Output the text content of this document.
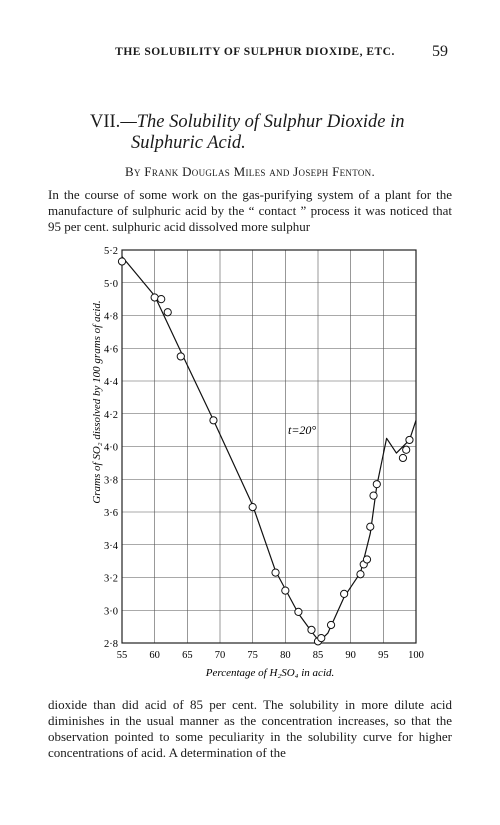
THE SOLUBILITY OF SULPHUR DIOXIDE, ETC.	59
VII.—The Solubility of Sulphur Dioxide in
Sulphuric Acid.
By Frank Douglas Miles and Joseph Fenton.
In the course of some work on the gas-purifying system of a plant for the manufacture of sulphuric acid by the “ contact ” process it was noticed that 95 per cent. sulphuric acid dissolved more sulphur
55 60 65 70 75 80 85 90 95 100
2·8
3·0
3·2
3·4
3·6
3·8
4·0
4·2
4·4
4·6
4·8
5·0
5·2
t=20°
Percentage of H₂SO₄ in acid.
Grams of SO₂ dissolved by 100 grams of acid.
dioxide than did acid of 85 per cent. The solubility in more dilute acid diminishes in the usual manner as the concentration increases, so that the observation pointed to some peculiarity in the solubility curve for higher concentrations of acid. A determination of the
